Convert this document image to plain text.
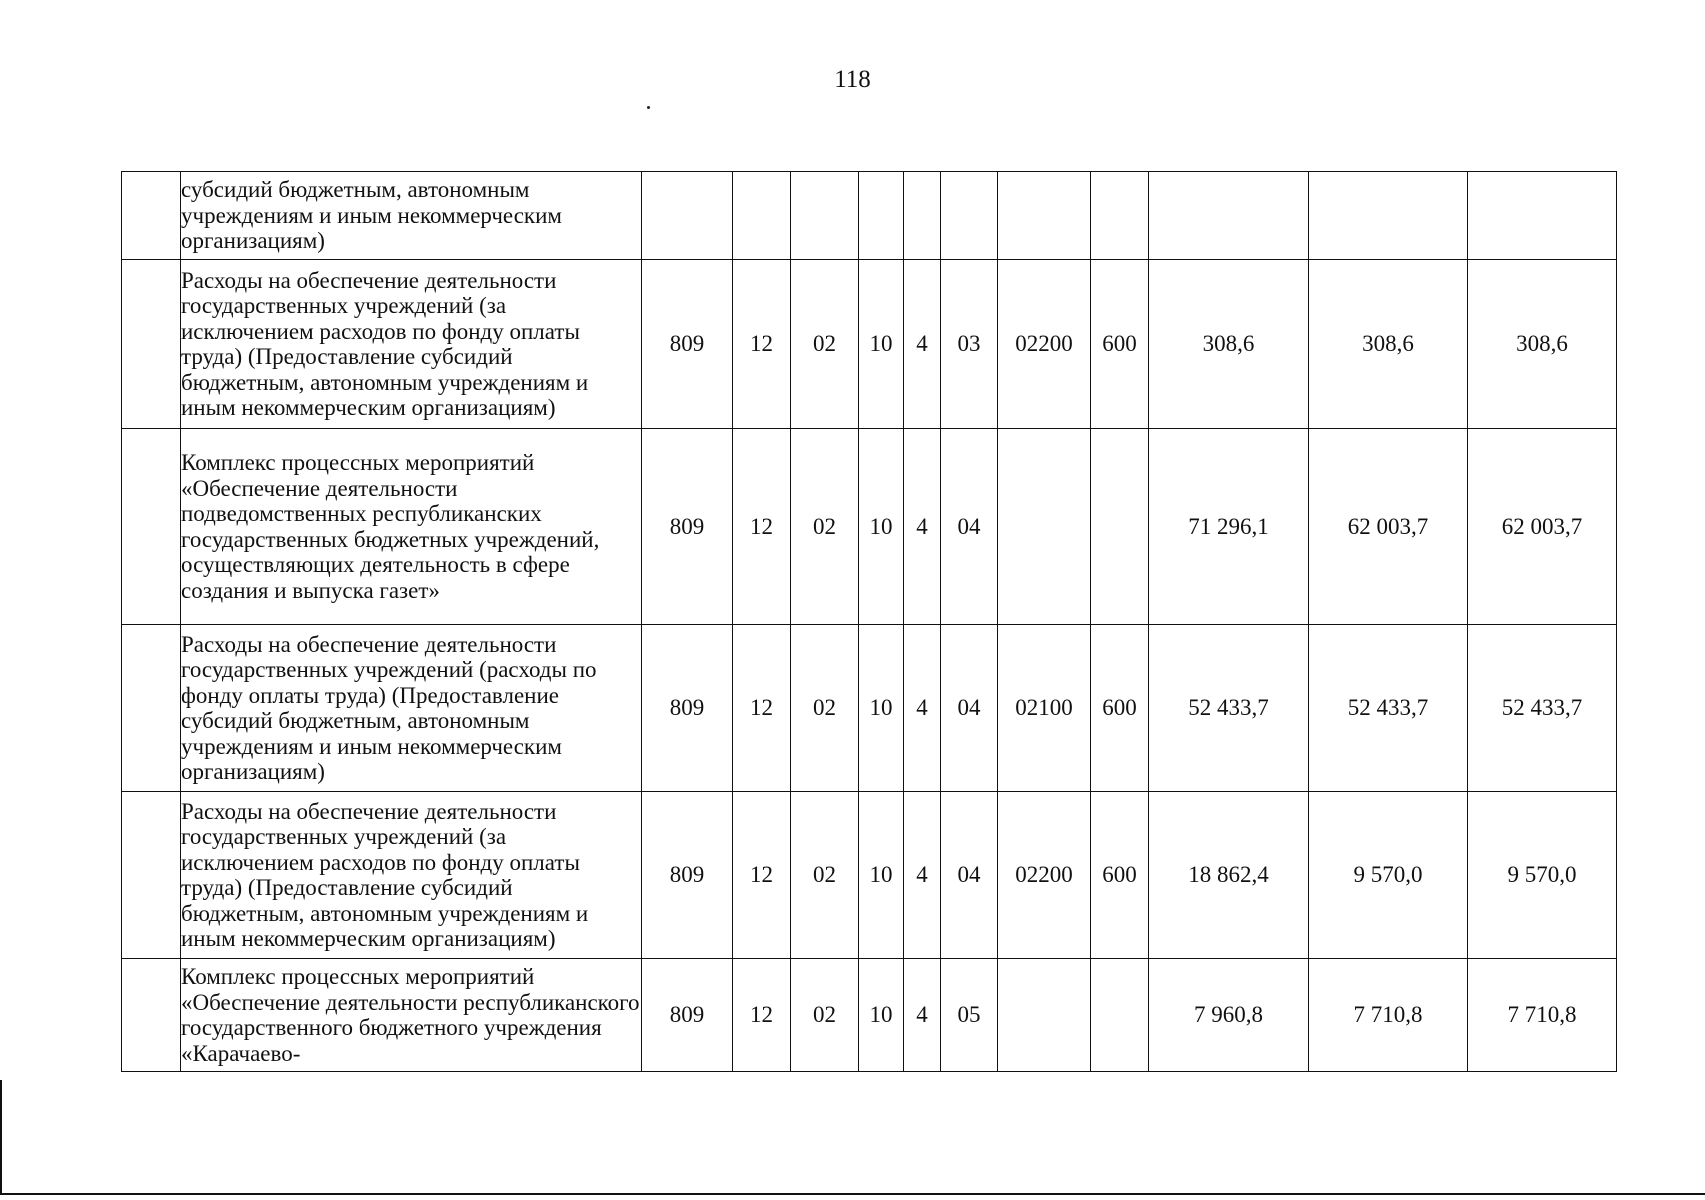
118
	субсидий бюджетным, автономным учреждениям и иным некоммерческим организациям)											
	Расходы на обеспечение деятельности государственных учреждений (за исключением расходов по фонду оплаты труда) (Предоставление субсидий бюджетным, автономным учреждениям и иным некоммерческим организациям)	809	12	02	10	4	03	02200	600	308,6	308,6	308,6
	Комплекс процессных мероприятий «Обеспечение деятельности подведомственных республиканских государственных бюджетных учреждений, осуществляющих деятельность в сфере создания и выпуска газет»	809	12	02	10	4	04			71 296,1	62 003,7	62 003,7
	Расходы на обеспечение деятельности государственных учреждений (расходы по фонду оплаты труда) (Предоставление субсидий бюджетным, автономным учреждениям и иным некоммерческим организациям)	809	12	02	10	4	04	02100	600	52 433,7	52 433,7	52 433,7
	Расходы на обеспечение деятельности государственных учреждений (за исключением расходов по фонду оплаты труда) (Предоставление субсидий бюджетным, автономным учреждениям и иным некоммерческим организациям)	809	12	02	10	4	04	02200	600	18 862,4	9 570,0	9 570,0
	Комплекс процессных мероприятий «Обеспечение деятельности республиканского государственного бюджетного учреждения «Карачаево-	809	12	02	10	4	05			7 960,8	7 710,8	7 710,8
